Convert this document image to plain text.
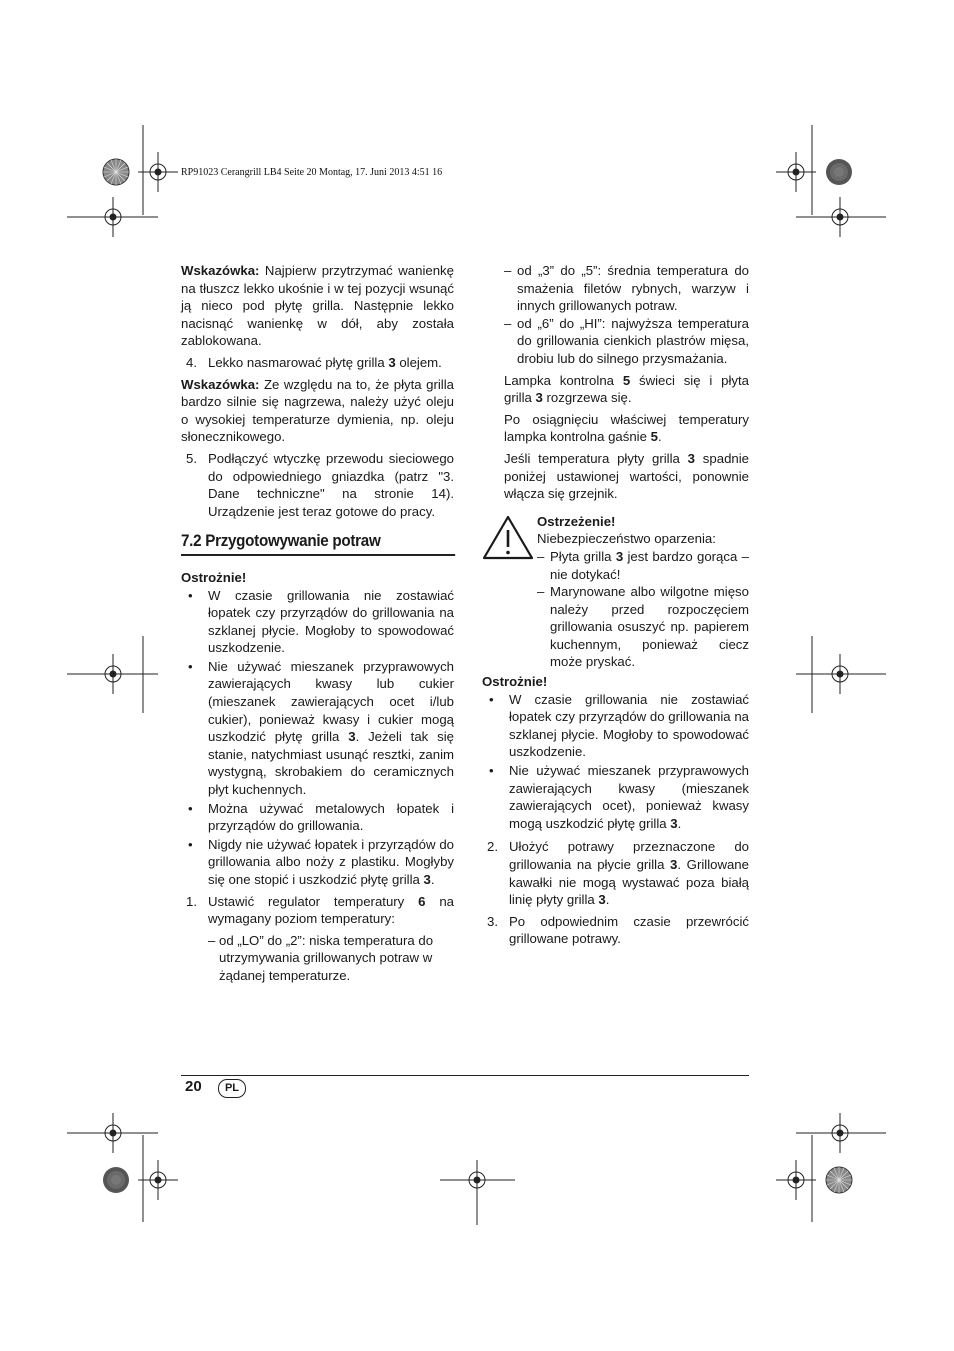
RP91023 Cerangrill LB4 Seite 20 Montag, 17. Juni 2013 4:51 16

Wskazówka: Najpierw przytrzymać wanienkę na tłuszcz lekko ukośnie i w tej pozycji wsunąć ją nieco pod płytę grilla. Następnie lekko nacisnąć wanienkę w dół, aby została zablokowana.

4. Lekko nasmarować płytę grilla 3 olejem.

Wskazówka: Ze względu na to, że płyta grilla bardzo silnie się nagrzewa, należy użyć oleju o wysokiej temperaturze dymienia, np. oleju słonecznikowego.

5. Podłączyć wtyczkę przewodu sieciowego do odpowiedniego gniazdka (patrz "3. Dane techniczne" na stronie 14). Urządzenie jest teraz gotowe do pracy.

7.2 Przygotowywanie potraw

Ostrożnie!

• W czasie grillowania nie zostawiać łopatek czy przyrządów do grillowania na szklanej płycie. Mogłoby to spowodować uszkodzenie.

• Nie używać mieszanek przyprawowych zawierających kwasy lub cukier (mieszanek zawierających ocet i/lub cukier), ponieważ kwasy i cukier mogą uszkodzić płytę grilla 3. Jeżeli tak się stanie, natychmiast usunąć resztki, zanim wystygną, skrobakiem do ceramicznych płyt kuchennych.

• Można używać metalowych łopatek i przyrządów do grillowania.

• Nigdy nie używać łopatek i przyrządów do grillowania albo noży z plastiku. Mogłyby się one stopić i uszkodzić płytę grilla 3.

1. Ustawić regulator temperatury 6 na wymagany poziom temperatury:

– od „LO” do „2”: niska temperatura do utrzymywania grillowanych potraw w żądanej temperaturze.

– od „3” do „5”: średnia temperatura do smażenia filetów rybnych, warzyw i innych grillowanych potraw.

– od „6” do „HI”: najwyższa temperatura do grillowania cienkich plastrów mięsa, drobiu lub do silnego przysmażania.

Lampka kontrolna 5 świeci się i płyta grilla 3 rozgrzewa się.

Po osiągnięciu właściwej temperatury lampka kontrolna gaśnie 5.

Jeśli temperatura płyty grilla 3 spadnie poniżej ustawionej wartości, ponownie włącza się grzejnik.

Ostrzeżenie!

Niebezpieczeństwo oparzenia:

– Płyta grilla 3 jest bardzo gorąca – nie dotykać!

– Marynowane albo wilgotne mięso należy przed rozpoczęciem grillowania osuszyć np. papierem kuchennym, ponieważ ciecz może pryskać.

Ostrożnie!

• W czasie grillowania nie zostawiać łopatek czy przyrządów do grillowania na szklanej płycie. Mogłoby to spowodować uszkodzenie.

• Nie używać mieszanek przyprawowych zawierających kwasy (mieszanek zawierających ocet), ponieważ kwasy mogą uszkodzić płytę grilla 3.

2. Ułożyć potrawy przeznaczone do grillowania na płycie grilla 3. Grillowane kawałki nie mogą wystawać poza białą linię płyty grilla 3.

3. Po odpowiednim czasie przewrócić grillowane potrawy.

20	PL
